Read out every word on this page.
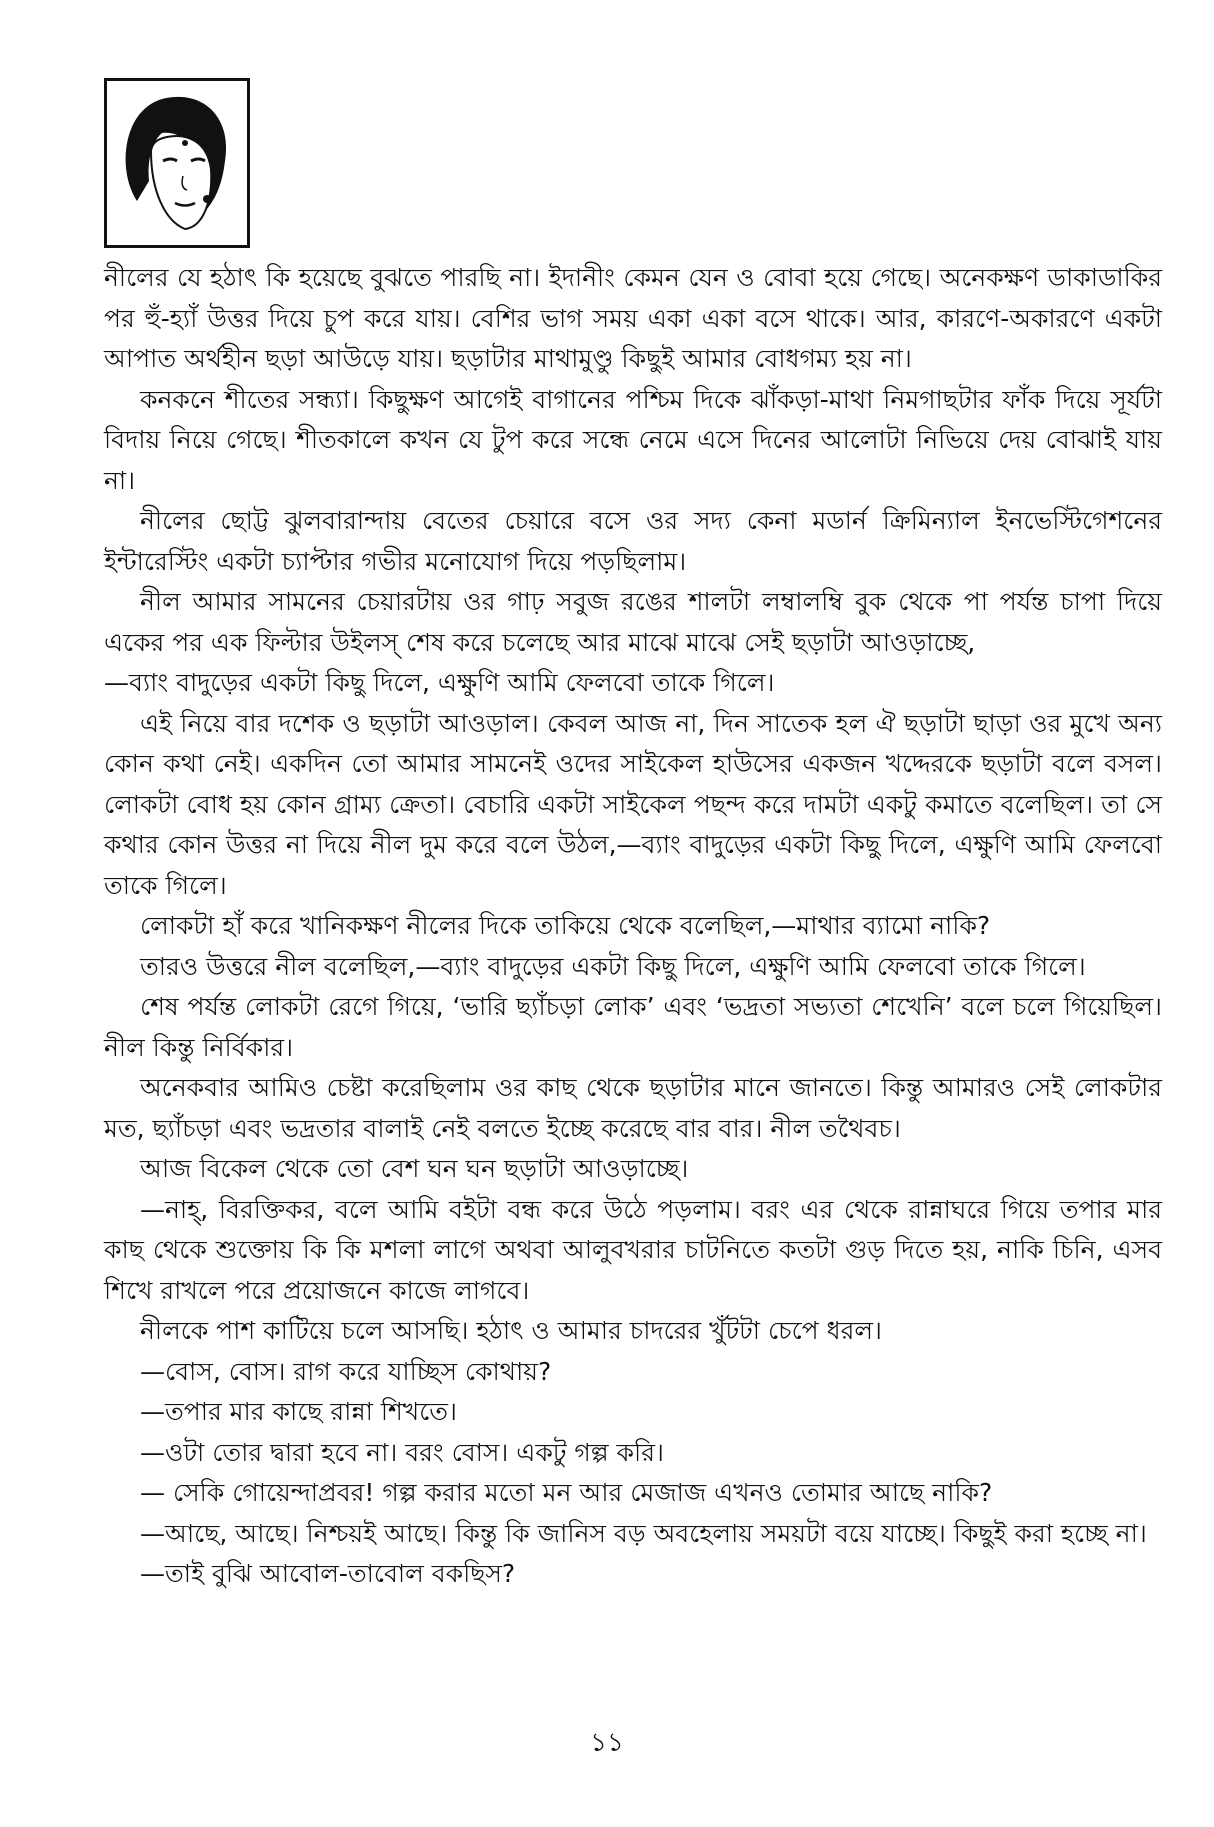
নীলের যে হঠাৎ কি হয়েছে বুঝতে পারছি না। ইদানীং কেমন যেন ও বোবা হয়ে গেছে। অনেকক্ষণ ডাকাডাকির পর হুঁ-হ্যাঁ উত্তর দিয়ে চুপ করে যায়। বেশির ভাগ সময় একা একা বসে থাকে। আর, কারণে-অকারণে একটা আপাত অর্থহীন ছড়া আউড়ে যায়। ছড়াটার মাথামুণ্ডু কিছুই আমার বোধগম্য হয় না।

কনকনে শীতের সন্ধ্যা। কিছুক্ষণ আগেই বাগানের পশ্চিম দিকে ঝাঁকড়া-মাথা নিমগাছটার ফাঁক দিয়ে সূর্যটা বিদায় নিয়ে গেছে। শীতকালে কখন যে টুপ করে সন্ধে নেমে এসে দিনের আলোটা নিভিয়ে দেয় বোঝাই যায় না।

নীলের ছোট্ট ঝুলবারান্দায় বেতের চেয়ারে বসে ওর সদ্য কেনা মডার্ন ক্রিমিন্যাল ইনভেস্টিগেশনের ইন্টারেস্টিং একটা চ্যাপ্টার গভীর মনোযোগ দিয়ে পড়ছিলাম।

নীল আমার সামনের চেয়ারটায় ওর গাঢ় সবুজ রঙের শালটা লম্বালম্বি বুক থেকে পা পর্যন্ত চাপা দিয়ে একের পর এক ফিল্টার উইলস্ শেষ করে চলেছে আর মাঝে মাঝে সেই ছড়াটা আওড়াচ্ছে,

—ব্যাং বাদুড়ের একটা কিছু দিলে, এক্ষুণি আমি ফেলবো তাকে গিলে।

এই নিয়ে বার দশেক ও ছড়াটা আওড়াল। কেবল আজ না, দিন সাতেক হল ঐ ছড়াটা ছাড়া ওর মুখে অন্য কোন কথা নেই। একদিন তো আমার সামনেই ওদের সাইকেল হাউসের একজন খদ্দেরকে ছড়াটা বলে বসল। লোকটা বোধ হয় কোন গ্রাম্য ক্রেতা। বেচারি একটা সাইকেল পছন্দ করে দামটা একটু কমাতে বলেছিল। তা সে কথার কোন উত্তর না দিয়ে নীল দুম করে বলে উঠল,—ব্যাং বাদুড়ের একটা কিছু দিলে, এক্ষুণি আমি ফেলবো তাকে গিলে।

লোকটা হাঁ করে খানিকক্ষণ নীলের দিকে তাকিয়ে থেকে বলেছিল,—মাথার ব্যামো নাকি?

তারও উত্তরে নীল বলেছিল,—ব্যাং বাদুড়ের একটা কিছু দিলে, এক্ষুণি আমি ফেলবো তাকে গিলে।

শেষ পর্যন্ত লোকটা রেগে গিয়ে, ‘ভারি ছ্যাঁচড়া লোক’ এবং ‘ভদ্রতা সভ্যতা শেখেনি’ বলে চলে গিয়েছিল। নীল কিন্তু নির্বিকার।

অনেকবার আমিও চেষ্টা করেছিলাম ওর কাছ থেকে ছড়াটার মানে জানতে। কিন্তু আমারও সেই লোকটার মত, ছ্যাঁচড়া এবং ভদ্রতার বালাই নেই বলতে ইচ্ছে করেছে বার বার। নীল তথৈবচ।

আজ বিকেল থেকে তো বেশ ঘন ঘন ছড়াটা আওড়াচ্ছে।

—নাহ্, বিরক্তিকর, বলে আমি বইটা বন্ধ করে উঠে পড়লাম। বরং এর থেকে রান্নাঘরে গিয়ে তপার মার কাছ থেকে শুক্তোয় কি কি মশলা লাগে অথবা আলুবখরার চাটনিতে কতটা গুড় দিতে হয়, নাকি চিনি, এসব শিখে রাখলে পরে প্রয়োজনে কাজে লাগবে।

নীলকে পাশ কাটিয়ে চলে আসছি। হঠাৎ ও আমার চাদরের খুঁটটা চেপে ধরল।

—বোস, বোস। রাগ করে যাচ্ছিস কোথায়?

—তপার মার কাছে রান্না শিখতে।

—ওটা তোর দ্বারা হবে না। বরং বোস। একটু গল্প করি।

— সেকি গোয়েন্দাপ্রবর! গল্প করার মতো মন আর মেজাজ এখনও তোমার আছে নাকি?

—আছে, আছে। নিশ্চয়ই আছে। কিন্তু কি জানিস বড় অবহেলায় সময়টা বয়ে যাচ্ছে। কিছুই করা হচ্ছে না।

—তাই বুঝি আবোল-তাবোল বকছিস?

১১
